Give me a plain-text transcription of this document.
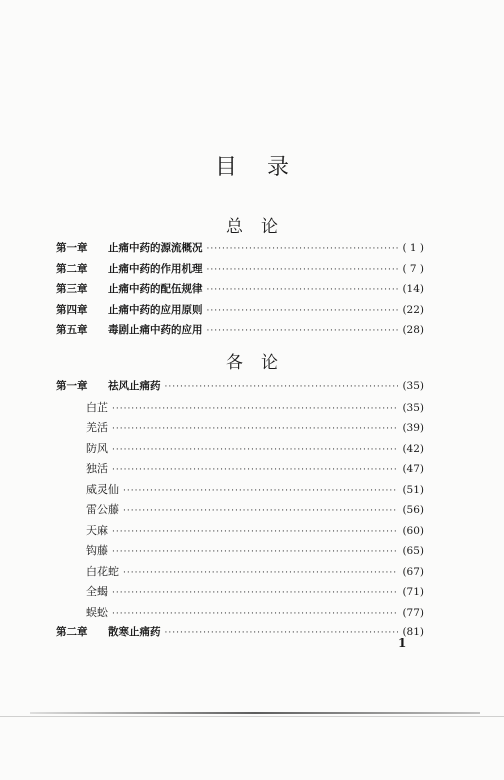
目录
总论
第一章	止痛中药的源流概况 ·····	( 1 )
第二章	止痛中药的作用机理 ·····	( 7 )
第三章	止痛中药的配伍规律 ·····	(14)
第四章	止痛中药的应用原则 ·····	(22)
第五章	毒剧止痛中药的应用 ·····	(28)
各论
第一章	祛风止痛药 ·····	(35)
白芷 ·····	(35)
羌活 ·····	(39)
防风 ·····	(42)
独活 ·····	(47)
威灵仙 ·····	(51)
雷公藤 ·····	(56)
天麻 ·····	(60)
钩藤 ·····	(65)
白花蛇 ·····	(67)
全蝎 ·····	(71)
蜈蚣 ·····	(77)
第二章	散寒止痛药 ·····	(81)
1
